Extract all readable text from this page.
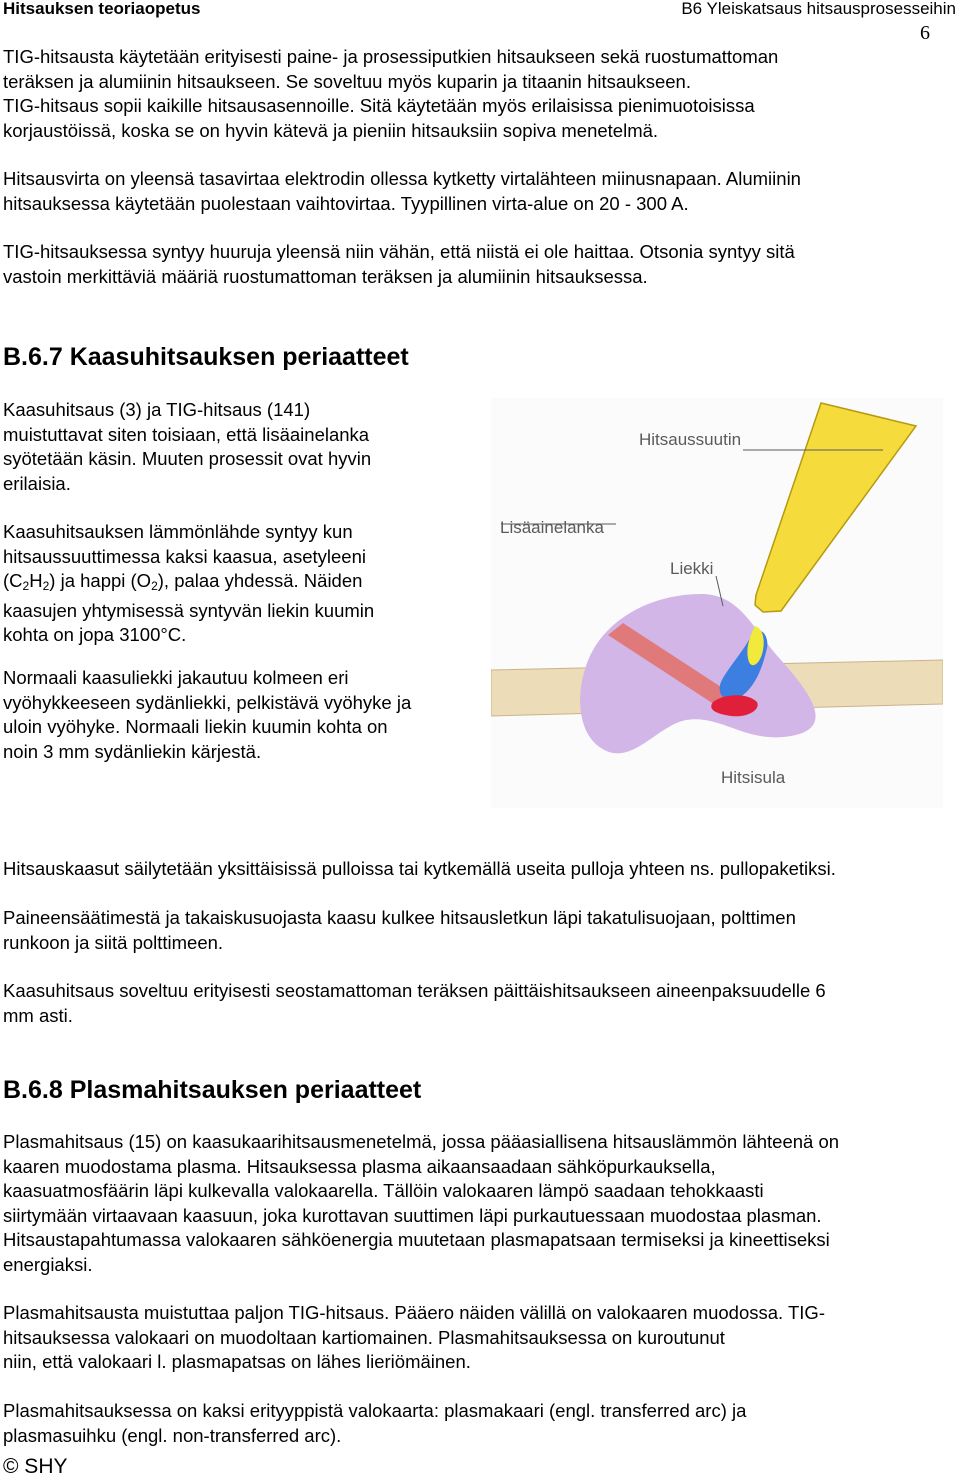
Hitsauksen teoriaopetus	B6 Yleiskatsaus hitsausprosesseihin
6
TIG-hitsausta käytetään erityisesti paine- ja prosessiputkien hitsaukseen sekä ruostumattoman
teräksen ja alumiinin hitsaukseen. Se soveltuu myös kuparin ja titaanin hitsaukseen.
TIG-hitsaus sopii kaikille hitsausasennoille. Sitä käytetään myös erilaisissa pienimuotoisissa
korjaustöissä, koska se on hyvin kätevä ja pieniin hitsauksiin sopiva menetelmä.
Hitsausvirta on yleensä tasavirtaa elektrodin ollessa kytketty virtalähteen miinusnapaan. Alumiinin
hitsauksessa käytetään puolestaan vaihtovirtaa. Tyypillinen virta-alue on 20 - 300 A.
TIG-hitsauksessa syntyy huuruja yleensä niin vähän, että niistä ei ole haittaa. Otsonia syntyy sitä
vastoin merkittäviä määriä ruostumattoman teräksen ja alumiinin hitsauksessa.
B.6.7 Kaasuhitsauksen periaatteet
Kaasuhitsaus (3) ja TIG-hitsaus (141)
muistuttavat siten toisiaan, että lisäainelanka
syötetään käsin. Muuten prosessit ovat hyvin
erilaisia.
Kaasuhitsauksen lämmönlähde syntyy kun
hitsaussuuttimessa kaksi kaasua, asetyleeni
$(C_2H_2)$ ja happi $(O_2)$, palaa yhdessä. Näiden
kaasujen yhtymisessä syntyvän liekin kuumin
kohta on jopa 3100°C.
Normaali kaasuliekki jakautuu kolmeen eri
vyöhykkeeseen sydänliekki, pelkistävä vyöhyke ja
uloin vyöhyke. Normaali liekin kuumin kohta on
noin 3 mm sydänliekin kärjestä.
Hitsaussuutin
Lisäainelanka
Liekki
Hitsisula
Hitsauskaasut säilytetään yksittäisissä pulloissa tai kytkemällä useita pulloja yhteen ns. pullopaketiksi.
Paineensäätimestä ja takaiskusuojasta kaasu kulkee hitsausletkun läpi takatulisuojaan, polttimen
runkoon ja siitä polttimeen.
Kaasuhitsaus soveltuu erityisesti seostamattoman teräksen päittäishitsaukseen aineenpaksuudelle 6
mm asti.
B.6.8 Plasmahitsauksen periaatteet
Plasmahitsaus (15) on kaasukaarihitsausmenetelmä, jossa pääasiallisena hitsauslämmön lähteenä on
kaaren muodostama plasma. Hitsauksessa plasma aikaansaadaan sähköpurkauksella,
kaasuatmosfäärin läpi kulkevalla valokaarella. Tällöin valokaaren lämpö saadaan tehokkaasti
siirtymään virtaavaan kaasuun, joka kurottavan suuttimen läpi purkautuessaan muodostaa plasman.
Hitsaustapahtumassa valokaaren sähköenergia muutetaan plasmapatsaan termiseksi ja kineettiseksi
energiaksi.
Plasmahitsausta muistuttaa paljon TIG-hitsaus. Pääero näiden välillä on valokaaren muodossa. TIG-
hitsauksessa valokaari on muodoltaan kartiomainen. Plasmahitsauksessa on kuroutunut
niin, että valokaari l. plasmapatsas on lähes lieriömäinen.
Plasmahitsauksessa on kaksi erityyppistä valokaarta: plasmakaari (engl. transferred arc) ja
plasmasuihku (engl. non-transferred arc).
© SHY
